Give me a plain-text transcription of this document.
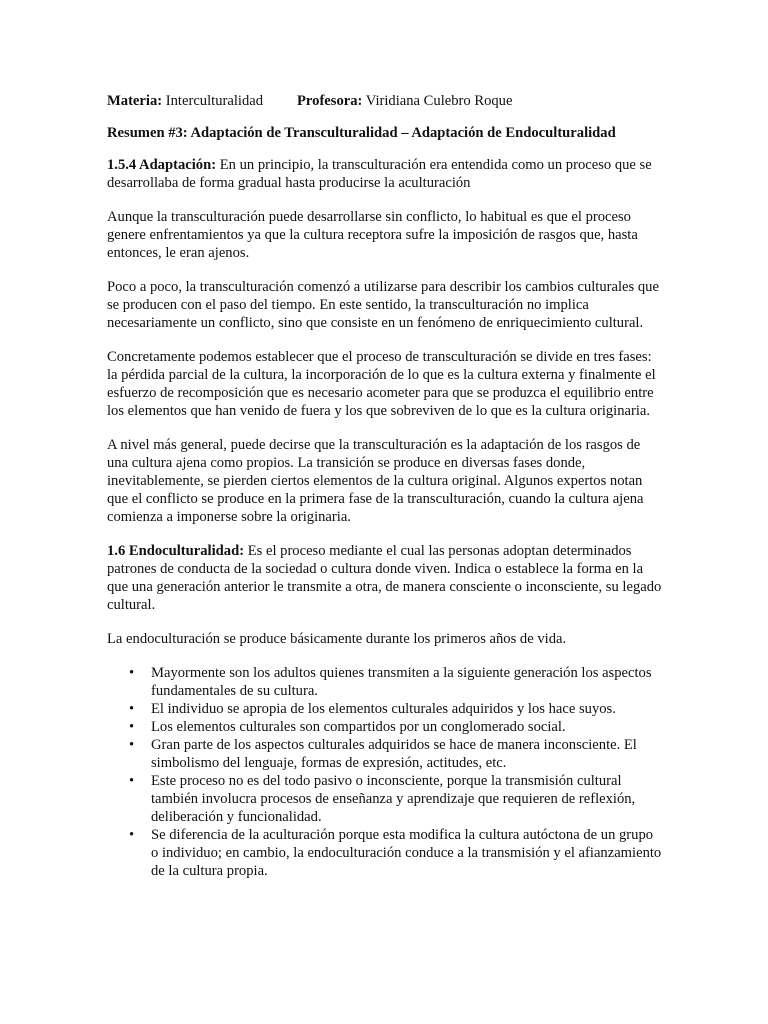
Materia: Interculturalidad Profesora: Viridiana Culebro Roque
Resumen #3: Adaptación de Transculturalidad – Adaptación de Endoculturalidad

1.5.4 Adaptación: En un principio, la transculturación era entendida como un proceso que se desarrollaba de forma gradual hasta producirse la aculturación

Aunque la transculturación puede desarrollarse sin conflicto, lo habitual es que el proceso genere enfrentamientos ya que la cultura receptora sufre la imposición de rasgos que, hasta entonces, le eran ajenos.

Poco a poco, la transculturación comenzó a utilizarse para describir los cambios culturales que se producen con el paso del tiempo. En este sentido, la transculturación no implica necesariamente un conflicto, sino que consiste en un fenómeno de enriquecimiento cultural.

Concretamente podemos establecer que el proceso de transculturación se divide en tres fases: la pérdida parcial de la cultura, la incorporación de lo que es la cultura externa y finalmente el esfuerzo de recomposición que es necesario acometer para que se produzca el equilibrio entre los elementos que han venido de fuera y los que sobreviven de lo que es la cultura originaria.

A nivel más general, puede decirse que la transculturación es la adaptación de los rasgos de una cultura ajena como propios. La transición se produce en diversas fases donde, inevitablemente, se pierden ciertos elementos de la cultura original. Algunos expertos notan que el conflicto se produce en la primera fase de la transculturación, cuando la cultura ajena comienza a imponerse sobre la originaria.

1.6 Endoculturalidad: Es el proceso mediante el cual las personas adoptan determinados patrones de conducta de la sociedad o cultura donde viven. Indica o establece la forma en la que una generación anterior le transmite a otra, de manera consciente o inconsciente, su legado cultural.

La endoculturación se produce básicamente durante los primeros años de vida.

• Mayormente son los adultos quienes transmiten a la siguiente generación los aspectos fundamentales de su cultura.
• El individuo se apropia de los elementos culturales adquiridos y los hace suyos.
• Los elementos culturales son compartidos por un conglomerado social.
• Gran parte de los aspectos culturales adquiridos se hace de manera inconsciente. El simbolismo del lenguaje, formas de expresión, actitudes, etc.
• Este proceso no es del todo pasivo o inconsciente, porque la transmisión cultural también involucra procesos de enseñanza y aprendizaje que requieren de reflexión, deliberación y funcionalidad.
• Se diferencia de la aculturación porque esta modifica la cultura autóctona de un grupo o individuo; en cambio, la endoculturación conduce a la transmisión y el afianzamiento de la cultura propia.
